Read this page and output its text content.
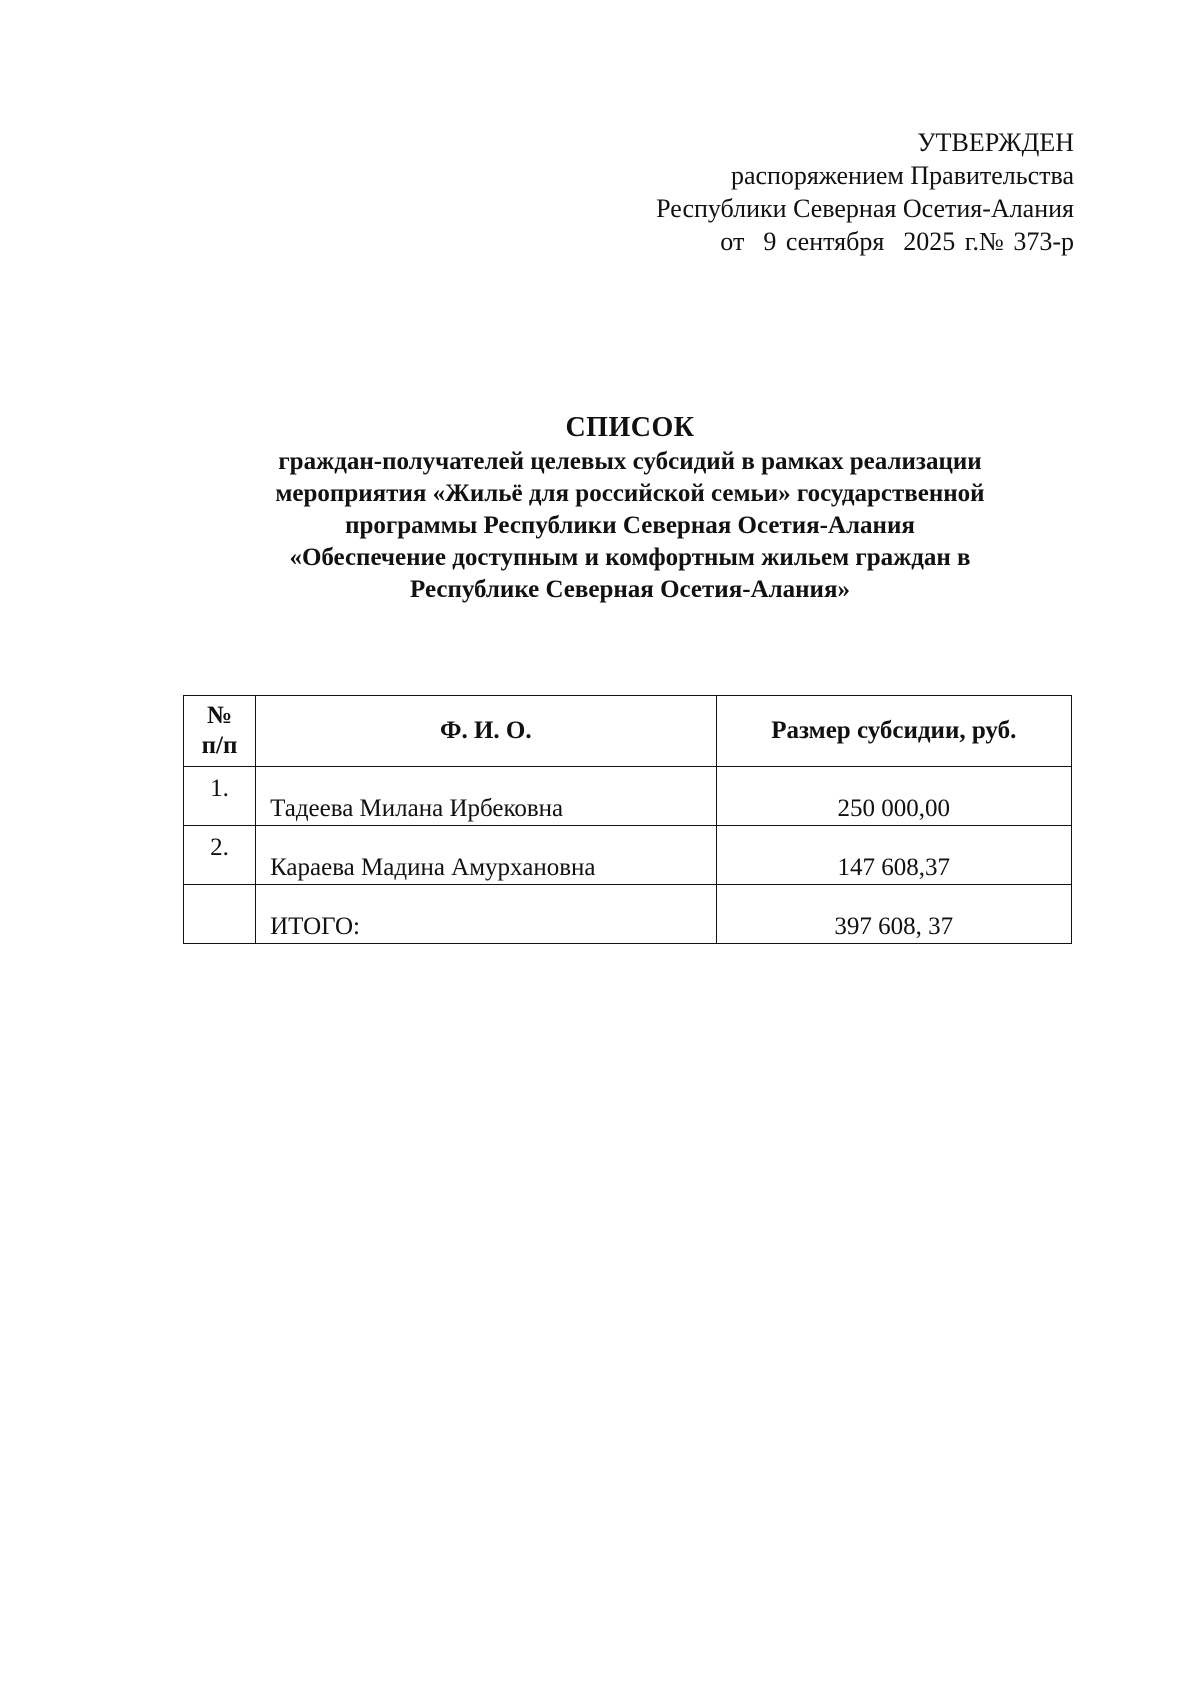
УТВЕРЖДЕН
распоряжением Правительства
Республики Северная Осетия-Алания
от  9 сентября  2025 г.№ 373-р
СПИСОК
граждан-получателей целевых субсидий в рамках реализации
мероприятия «Жильё для российской семьи» государственной
программы Республики Северная Осетия-Алания
«Обеспечение доступным и комфортным жильем граждан в
Республике Северная Осетия-Алания»
№
п/п	Ф. И. О.	Размер субсидии, руб.
1.	Тадеева Милана Ирбековна	250 000,00
2.	Караева Мадина Амурхановна	147 608,37
	ИТОГО:	397 608, 37
